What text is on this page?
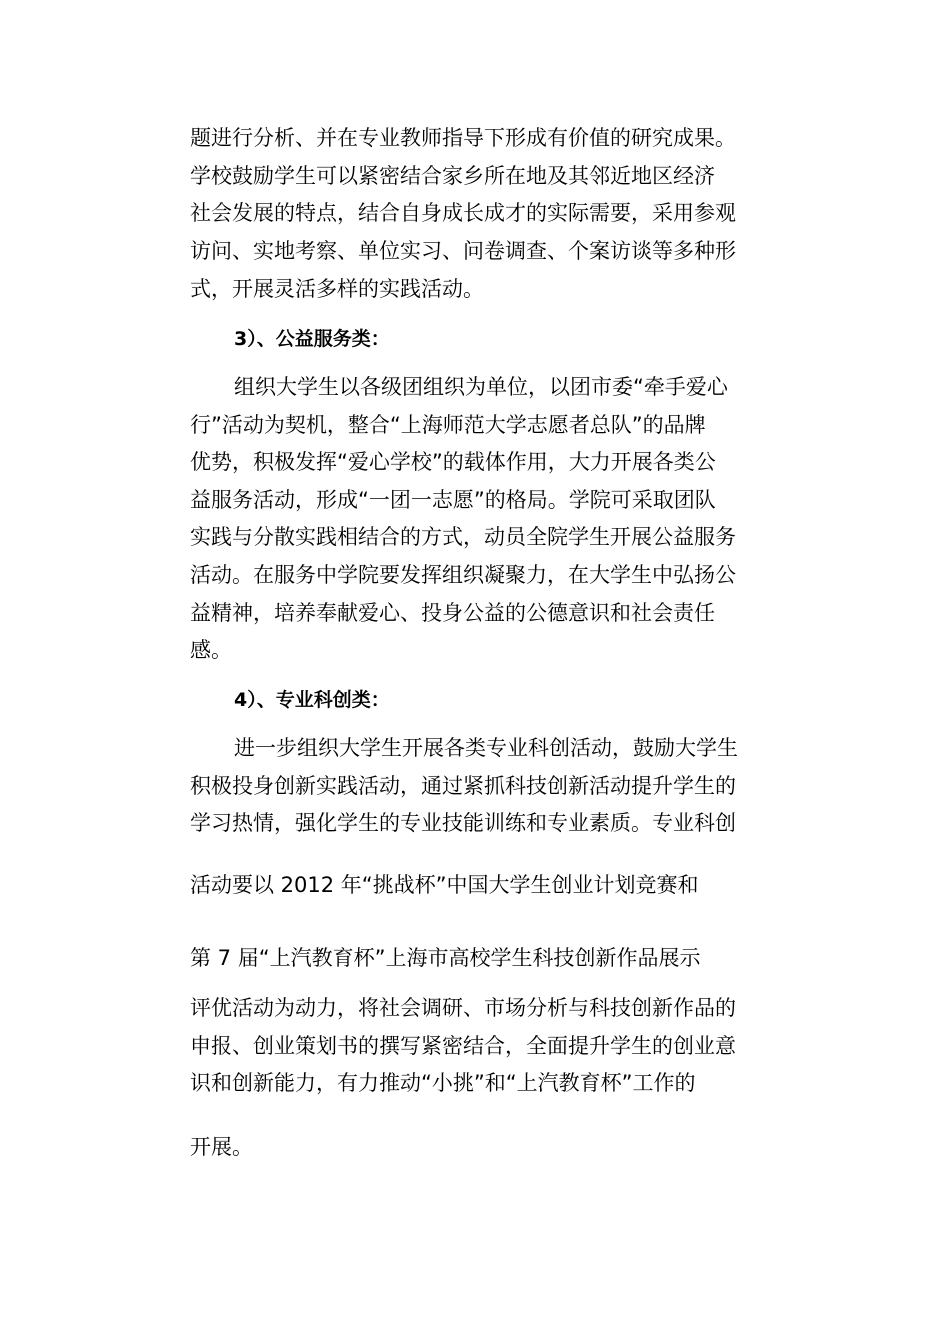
题进行分析、并在专业教师指导下形成有价值的研究成果。
学校鼓励学生可以紧密结合家乡所在地及其邻近地区经济
社会发展的特点，结合自身成长成才的实际需要，采用参观
访问、实地考察、单位实习、问卷调查、个案访谈等多种形
式，开展灵活多样的实践活动。
3）、公益服务类：
组织大学生以各级团组织为单位，以团市委“牵手爱心
行”活动为契机，整合“上海师范大学志愿者总队”的品牌
优势，积极发挥“爱心学校”的载体作用，大力开展各类公
益服务活动，形成“一团一志愿”的格局。学院可采取团队
实践与分散实践相结合的方式，动员全院学生开展公益服务
活动。在服务中学院要发挥组织凝聚力，在大学生中弘扬公
益精神，培养奉献爱心、投身公益的公德意识和社会责任
感。
4）、专业科创类：
进一步组织大学生开展各类专业科创活动，鼓励大学生
积极投身创新实践活动，通过紧抓科技创新活动提升学生的
学习热情，强化学生的专业技能训练和专业素质。专业科创
活动要以 2012 年“挑战杯”中国大学生创业计划竞赛和
第 7 届“上汽教育杯”上海市高校学生科技创新作品展示
评优活动为动力，将社会调研、市场分析与科技创新作品的
申报、创业策划书的撰写紧密结合，全面提升学生的创业意
识和创新能力，有力推动“小挑”和“上汽教育杯”工作的
开展。
